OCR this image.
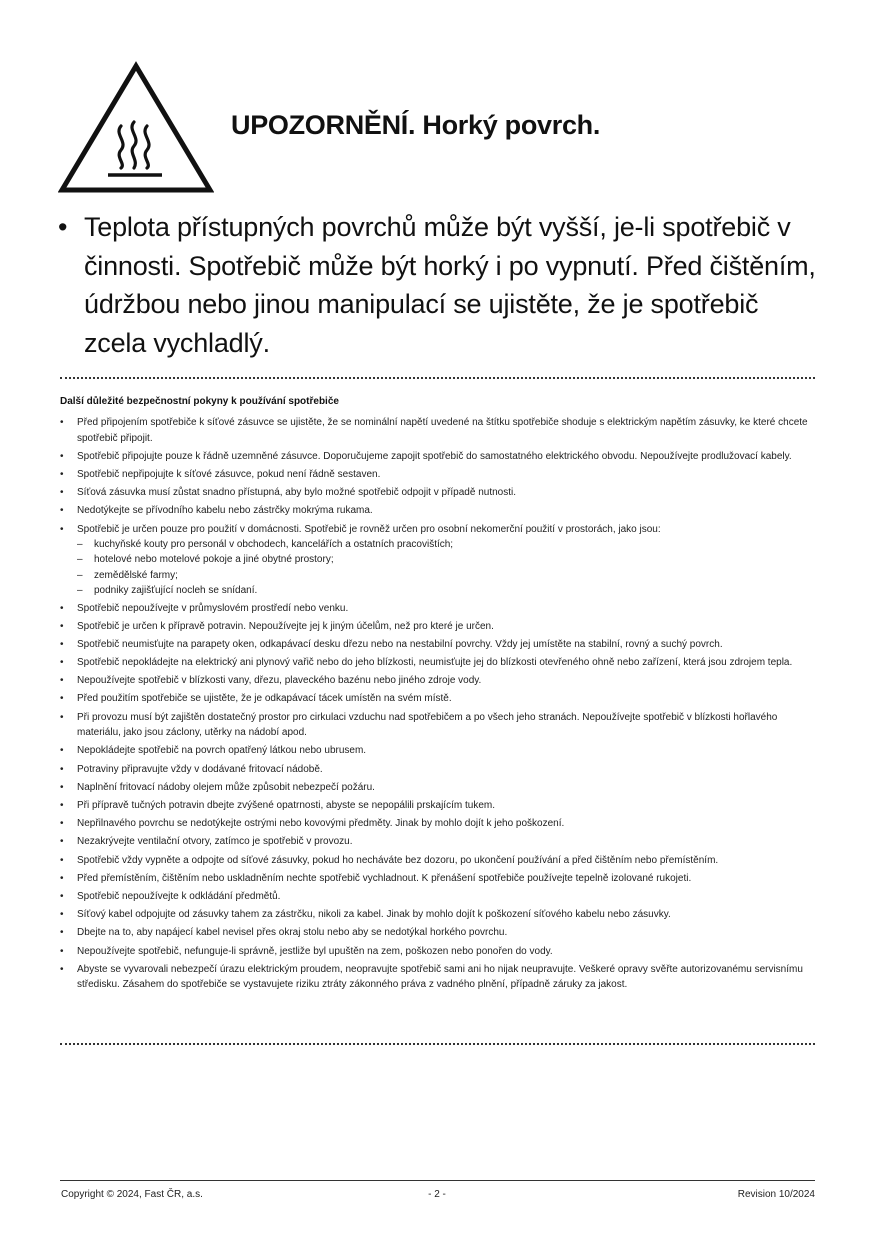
UPOZORNĚNÍ. Horký povrch.
• Teplota přístupných povrchů může být vyšší, je-li spotřebič v činnosti. Spotřebič může být horký i po vypnutí. Před čištěním, údržbou nebo jinou manipulací se ujistěte, že je spotřebič zcela vychladlý.
Další důležité bezpečnostní pokyny k používání spotřebiče
• Před připojením spotřebiče k síťové zásuvce se ujistěte, že se nominální napětí uvedené na štítku spotřebiče shoduje s elektrickým napětím zásuvky, ke které chcete spotřebič připojit.
• Spotřebič připojujte pouze k řádně uzemněné zásuvce. Doporučujeme zapojit spotřebič do samostatného elektrického obvodu. Nepoužívejte prodlužovací kabely.
• Spotřebič nepřipojujte k síťové zásuvce, pokud není řádně sestaven.
• Síťová zásuvka musí zůstat snadno přístupná, aby bylo možné spotřebič odpojit v případě nutnosti.
• Nedotýkejte se přívodního kabelu nebo zástrčky mokrýma rukama.
• Spotřebič je určen pouze pro použití v domácnosti. Spotřebič je rovněž určen pro osobní nekomerční použití v prostorách, jako jsou:
– kuchyňské kouty pro personál v obchodech, kancelářích a ostatních pracovištích;
– hotelové nebo motelové pokoje a jiné obytné prostory;
– zemědělské farmy;
– podniky zajišťující nocleh se snídaní.
• Spotřebič nepoužívejte v průmyslovém prostředí nebo venku.
• Spotřebič je určen k přípravě potravin. Nepoužívejte jej k jiným účelům, než pro které je určen.
• Spotřebič neumisťujte na parapety oken, odkapávací desku dřezu nebo na nestabilní povrchy. Vždy jej umístěte na stabilní, rovný a suchý povrch.
• Spotřebič nepokládejte na elektrický ani plynový vařič nebo do jeho blízkosti, neumisťujte jej do blízkosti otevřeného ohně nebo zařízení, která jsou zdrojem tepla.
• Nepoužívejte spotřebič v blízkosti vany, dřezu, plaveckého bazénu nebo jiného zdroje vody.
• Před použitím spotřebiče se ujistěte, že je odkapávací tácek umístěn na svém místě.
• Při provozu musí být zajištěn dostatečný prostor pro cirkulaci vzduchu nad spotřebičem a po všech jeho stranách. Nepoužívejte spotřebič v blízkosti hořlavého materiálu, jako jsou záclony, utěrky na nádobí apod.
• Nepokládejte spotřebič na povrch opatřený látkou nebo ubrusem.
• Potraviny připravujte vždy v dodávané fritovací nádobě.
• Naplnění fritovací nádoby olejem může způsobit nebezpečí požáru.
• Při přípravě tučných potravin dbejte zvýšené opatrnosti, abyste se nepopálili prskajícím tukem.
• Nepřilnavého povrchu se nedotýkejte ostrými nebo kovovými předměty. Jinak by mohlo dojít k jeho poškození.
• Nezakrývejte ventilační otvory, zatímco je spotřebič v provozu.
• Spotřebič vždy vypněte a odpojte od síťové zásuvky, pokud ho necháváte bez dozoru, po ukončení používání a před čištěním nebo přemístěním.
• Před přemístěním, čištěním nebo uskladněním nechte spotřebič vychladnout. K přenášení spotřebiče používejte tepelně izolované rukojeti.
• Spotřebič nepoužívejte k odkládání předmětů.
• Síťový kabel odpojujte od zásuvky tahem za zástrčku, nikoli za kabel. Jinak by mohlo dojít k poškození síťového kabelu nebo zásuvky.
• Dbejte na to, aby napájecí kabel nevisel přes okraj stolu nebo aby se nedotýkal horkého povrchu.
• Nepoužívejte spotřebič, nefunguje-li správně, jestliže byl upuštěn na zem, poškozen nebo ponořen do vody.
• Abyste se vyvarovali nebezpečí úrazu elektrickým proudem, neopravujte spotřebič sami ani ho nijak neupravujte. Veškeré opravy svěřte autorizovanému servisnímu středisku. Zásahem do spotřebiče se vystavujete riziku ztráty zákonného práva z vadného plnění, případně záruky za jakost.
Copyright © 2024, Fast ČR, a.s.	- 2 -	Revision 10/2024
